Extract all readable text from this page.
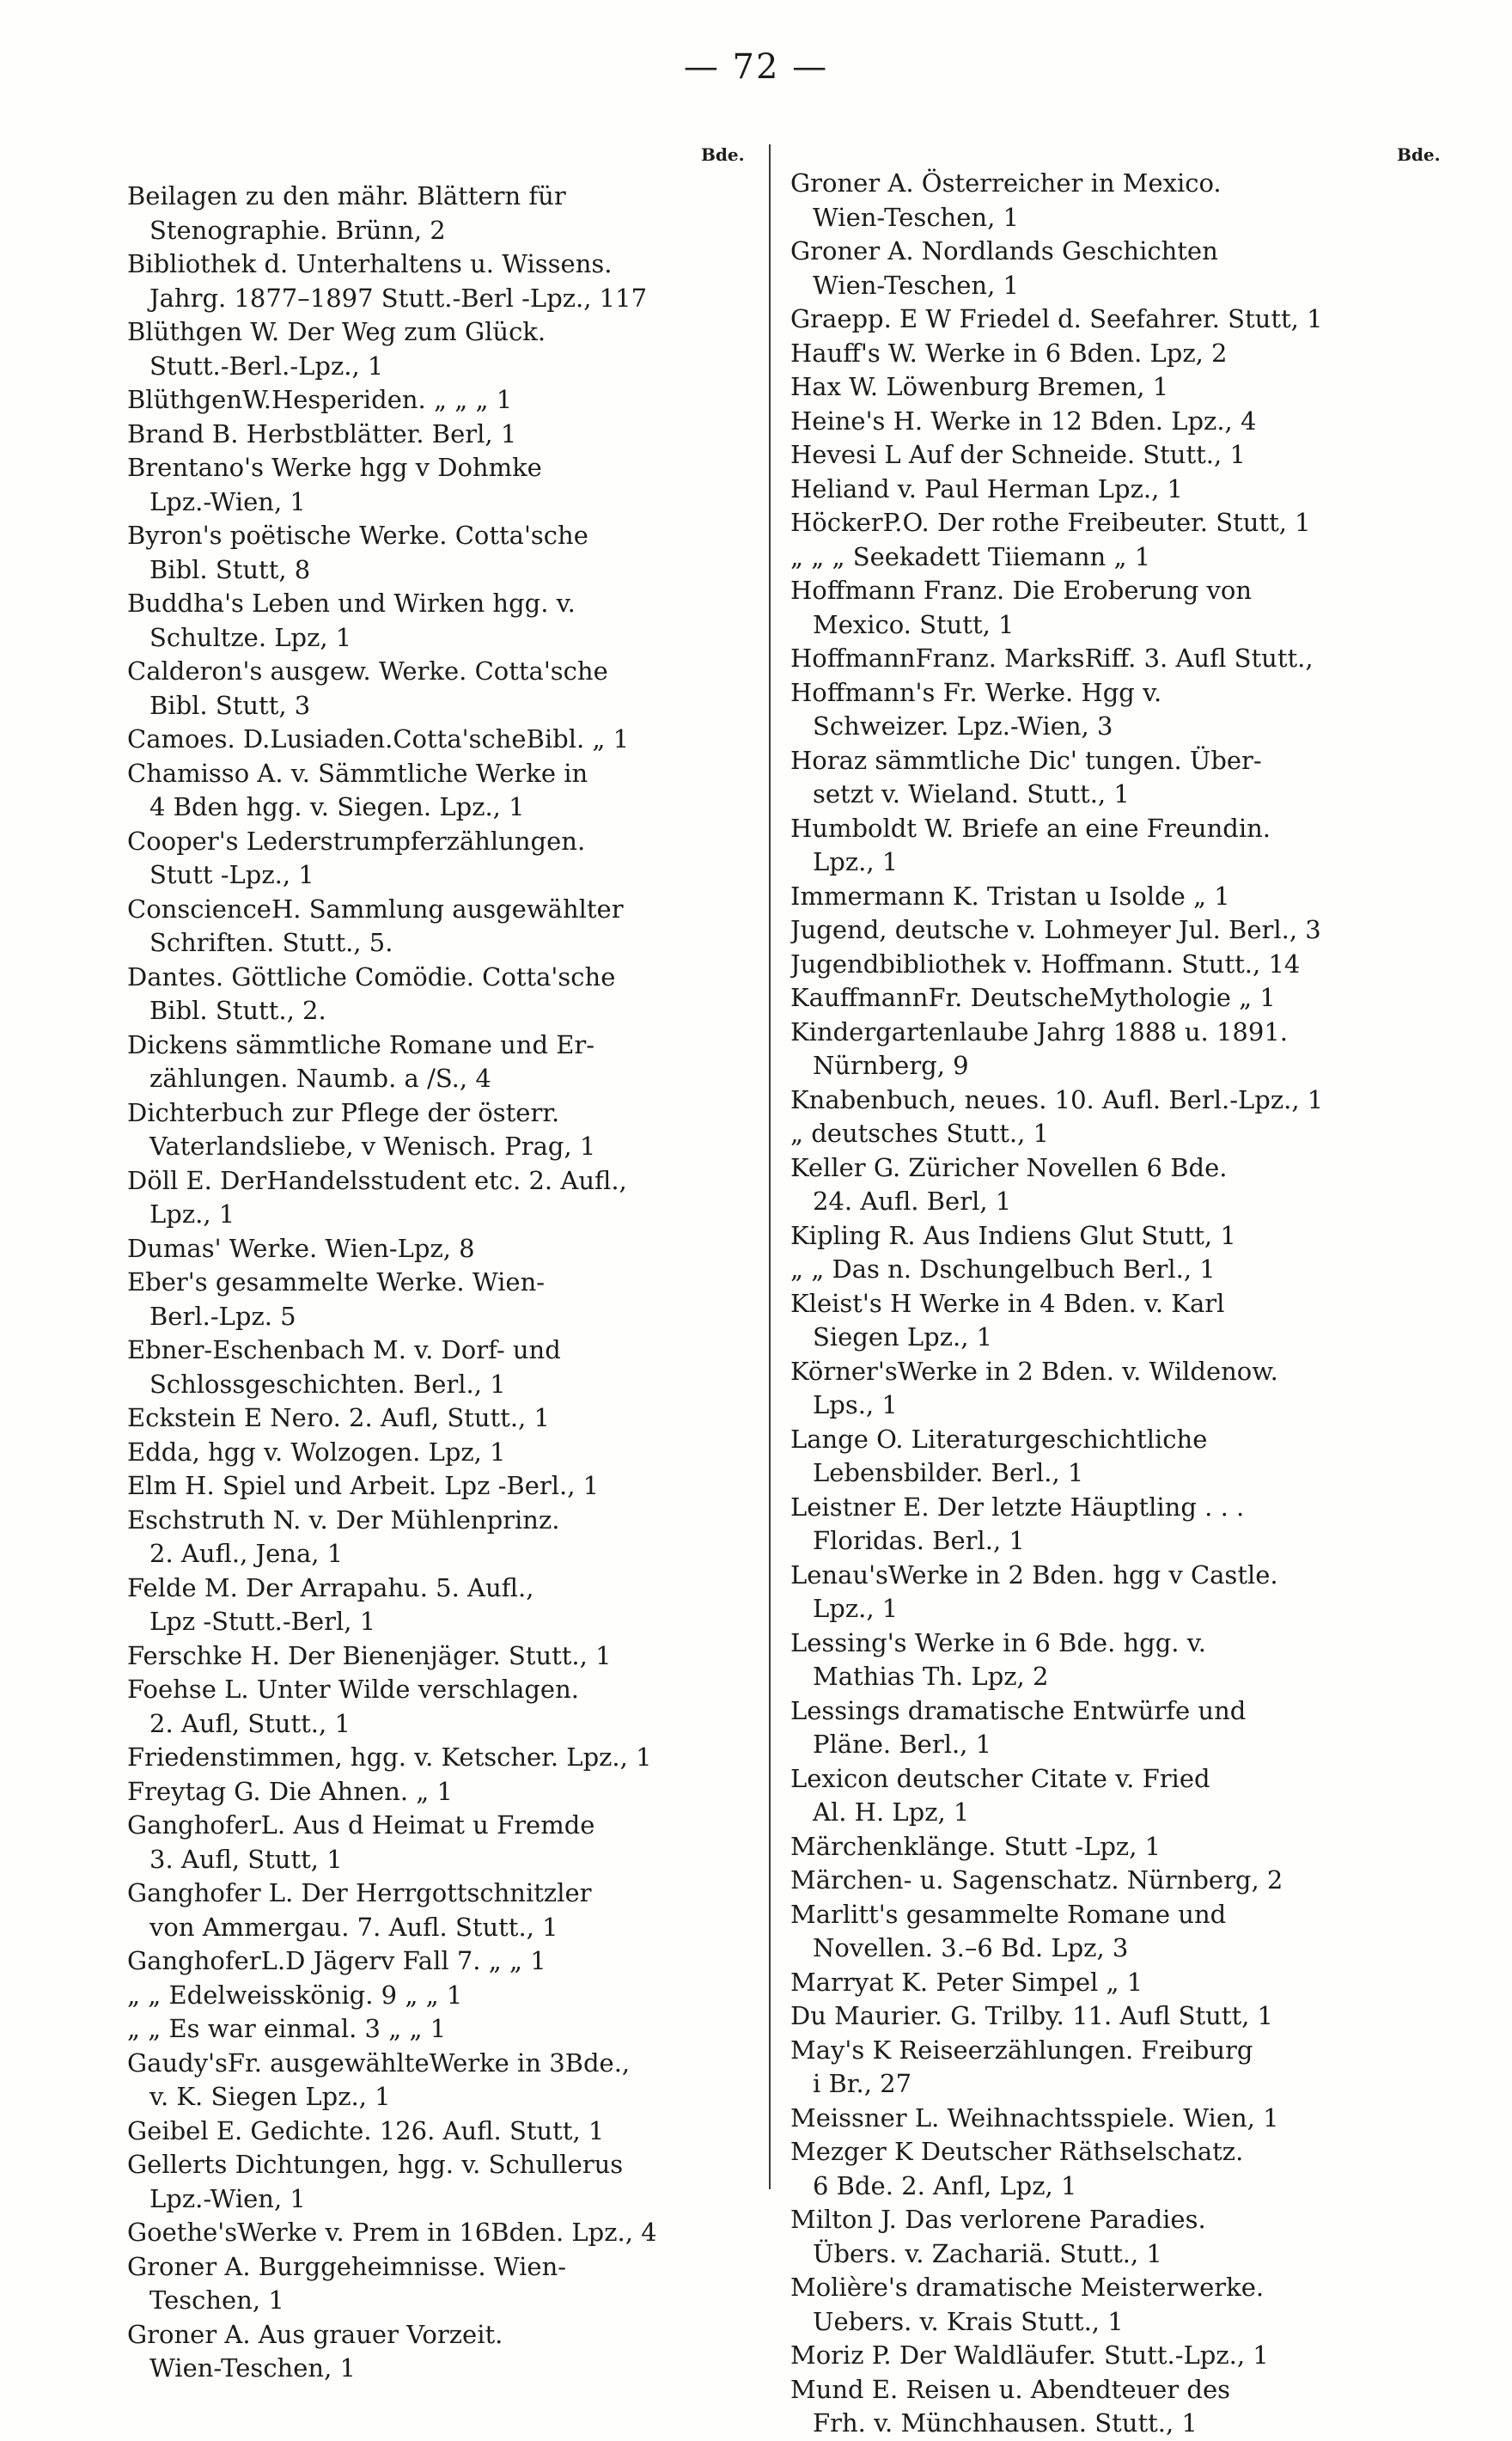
— 72 —
Bde.	Bde.
Beilagen zu den mähr. Blättern für
Stenographie. Brünn, 2
Bibliothek d. Unterhaltens u. Wissens.
Jahrg. 1877–1897 Stutt.-Berl -Lpz., 117
Blüthgen W. Der Weg zum Glück.
Stutt.-Berl.-Lpz., 1
BlüthgenW.Hesperiden. „ „ „ 1
Brand B. Herbstblätter. Berl, 1
Brentano's Werke hgg v Dohmke
Lpz.-Wien, 1
Byron's poëtische Werke. Cotta'sche
Bibl. Stutt, 8
Buddha's Leben und Wirken hgg. v.
Schultze. Lpz, 1
Calderon's ausgew. Werke. Cotta'sche
Bibl. Stutt, 3
Camoes. D.Lusiaden.Cotta'scheBibl. „ 1
Chamisso A. v. Sämmtliche Werke in
4 Bden hgg. v. Siegen. Lpz., 1
Cooper's Lederstrumpferzählungen.
Stutt -Lpz., 1
ConscienceH. Sammlung ausgewählter
Schriften. Stutt., 5.
Dantes. Göttliche Comödie. Cotta'sche
Bibl. Stutt., 2.
Dickens sämmtliche Romane und Er-
zählungen. Naumb. a /S., 4
Dichterbuch zur Pflege der österr.
Vaterlandsliebe, v Wenisch. Prag, 1
Döll E. DerHandelsstudent etc. 2. Aufl.,
Lpz., 1
Dumas' Werke. Wien-Lpz, 8
Eber's gesammelte Werke. Wien-
Berl.-Lpz. 5
Ebner-Eschenbach M. v. Dorf- und
Schlossgeschichten. Berl., 1
Eckstein E Nero. 2. Aufl, Stutt., 1
Edda, hgg v. Wolzogen. Lpz, 1
Elm H. Spiel und Arbeit. Lpz -Berl., 1
Eschstruth N. v. Der Mühlenprinz.
2. Aufl., Jena, 1
Felde M. Der Arrapahu. 5. Aufl.,
Lpz -Stutt.-Berl, 1
Ferschke H. Der Bienenjäger. Stutt., 1
Foehse L. Unter Wilde verschlagen.
2. Aufl, Stutt., 1
Friedenstimmen, hgg. v. Ketscher. Lpz., 1
Freytag G. Die Ahnen. „ 1
GanghoferL. Aus d Heimat u Fremde
3. Aufl, Stutt, 1
Ganghofer L. Der Herrgottschnitzler
von Ammergau. 7. Aufl. Stutt., 1
GanghoferL.D Jägerv Fall 7. „ „ 1
„ „ Edelweisskönig. 9 „ „ 1
„ „ Es war einmal. 3 „ „ 1
Gaudy'sFr. ausgewählteWerke in 3Bde.,
v. K. Siegen Lpz., 1
Geibel E. Gedichte. 126. Aufl. Stutt, 1
Gellerts Dichtungen, hgg. v. Schullerus
Lpz.-Wien, 1
Goethe'sWerke v. Prem in 16Bden. Lpz., 4
Groner A. Burggeheimnisse. Wien-
Teschen, 1
Groner A. Aus grauer Vorzeit.
Wien-Teschen, 1
Groner A. Österreicher in Mexico.
Wien-Teschen, 1
Groner A. Nordlands Geschichten
Wien-Teschen, 1
Graepp. E W Friedel d. Seefahrer. Stutt, 1
Hauff's W. Werke in 6 Bden. Lpz, 2
Hax W. Löwenburg Bremen, 1
Heine's H. Werke in 12 Bden. Lpz., 4
Hevesi L Auf der Schneide. Stutt., 1
Heliand v. Paul Herman Lpz., 1
HöckerP.O. Der rothe Freibeuter. Stutt, 1
„ „ „ Seekadett Tiiemann „ 1
Hoffmann Franz. Die Eroberung von
Mexico. Stutt, 1
HoffmannFranz. MarksRiff. 3. Aufl Stutt.,
Hoffmann's Fr. Werke. Hgg v.
Schweizer. Lpz.-Wien, 3
Horaz sämmtliche Dic' tungen. Über-
setzt v. Wieland. Stutt., 1
Humboldt W. Briefe an eine Freundin.
Lpz., 1
Immermann K. Tristan u Isolde „ 1
Jugend, deutsche v. Lohmeyer Jul. Berl., 3
Jugendbibliothek v. Hoffmann. Stutt., 14
KauffmannFr. DeutscheMythologie „ 1
Kindergartenlaube Jahrg 1888 u. 1891.
Nürnberg, 9
Knabenbuch, neues. 10. Aufl. Berl.-Lpz., 1
„ deutsches Stutt., 1
Keller G. Züricher Novellen 6 Bde.
24. Aufl. Berl, 1
Kipling R. Aus Indiens Glut Stutt, 1
„ „ Das n. Dschungelbuch Berl., 1
Kleist's H Werke in 4 Bden. v. Karl
Siegen Lpz., 1
Körner'sWerke in 2 Bden. v. Wildenow.
Lps., 1
Lange O. Literaturgeschichtliche
Lebensbilder. Berl., 1
Leistner E. Der letzte Häuptling . . .
Floridas. Berl., 1
Lenau'sWerke in 2 Bden. hgg v Castle.
Lpz., 1
Lessing's Werke in 6 Bde. hgg. v.
Mathias Th. Lpz, 2
Lessings dramatische Entwürfe und
Pläne. Berl., 1
Lexicon deutscher Citate v. Fried
Al. H. Lpz, 1
Märchenklänge. Stutt -Lpz, 1
Märchen- u. Sagenschatz. Nürnberg, 2
Marlitt's gesammelte Romane und
Novellen. 3.–6 Bd. Lpz, 3
Marryat K. Peter Simpel „ 1
Du Maurier. G. Trilby. 11. Aufl Stutt, 1
May's K Reiseerzählungen. Freiburg
i Br., 27
Meissner L. Weihnachtsspiele. Wien, 1
Mezger K Deutscher Räthselschatz.
6 Bde. 2. Anfl, Lpz, 1
Milton J. Das verlorene Paradies.
Übers. v. Zachariä. Stutt., 1
Molière's dramatische Meisterwerke.
Uebers. v. Krais Stutt., 1
Moriz P. Der Waldläufer. Stutt.-Lpz., 1
Mund E. Reisen u. Abendteuer des
Frh. v. Münchhausen. Stutt., 1
